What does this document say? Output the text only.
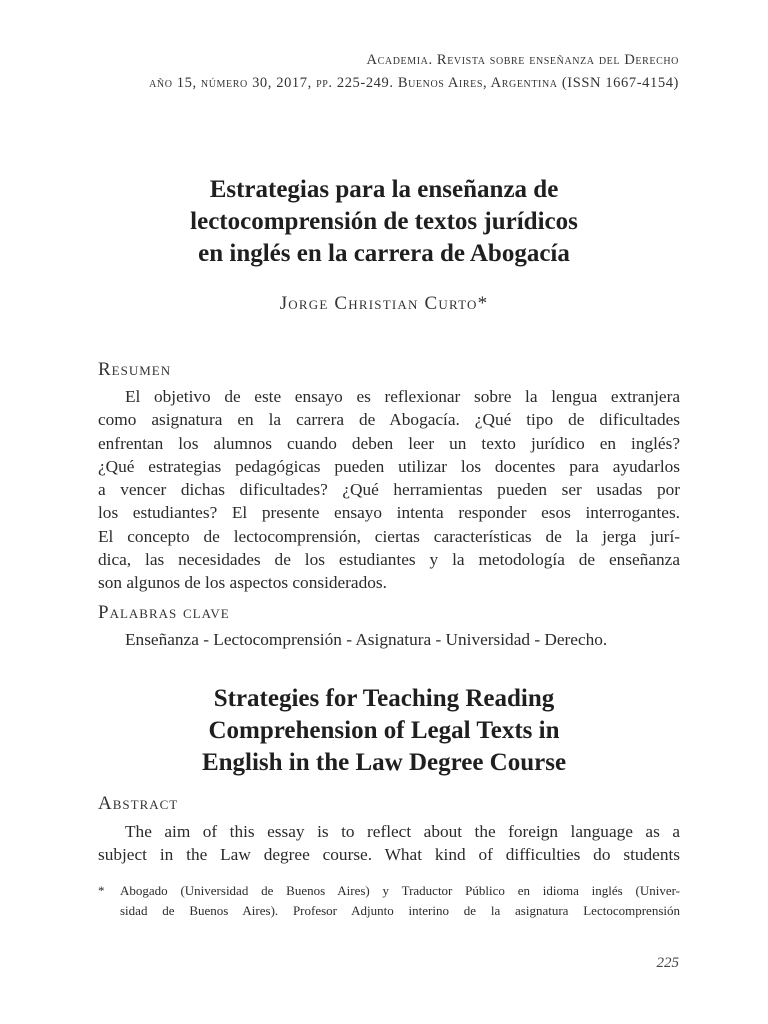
Academia. Revista sobre enseñanza del Derecho
año 15, número 30, 2017, pp. 225-249. Buenos Aires, Argentina (ISSN 1667-4154)
Estrategias para la enseñanza de
lectocomprensión de textos jurídicos
en inglés en la carrera de Abogacía
Jorge Christian Curto*
Resumen
El objetivo de este ensayo es reflexionar sobre la lengua extranjera
como asignatura en la carrera de Abogacía. ¿Qué tipo de dificultades
enfrentan los alumnos cuando deben leer un texto jurídico en inglés?
¿Qué estrategias pedagógicas pueden utilizar los docentes para ayudarlos
a vencer dichas dificultades? ¿Qué herramientas pueden ser usadas por
los estudiantes? El presente ensayo intenta responder esos interrogantes.
El concepto de lectocomprensión, ciertas características de la jerga jurí-
dica, las necesidades de los estudiantes y la metodología de enseñanza
son algunos de los aspectos considerados.
Palabras clave
Enseñanza - Lectocomprensión - Asignatura - Universidad - Derecho.
Strategies for Teaching Reading
Comprehension of Legal Texts in
English in the Law Degree Course
Abstract
The aim of this essay is to reflect about the foreign language as a
subject in the Law degree course. What kind of difficulties do students
* Abogado (Universidad de Buenos Aires) y Traductor Público en idioma inglés (Univer-
sidad de Buenos Aires). Profesor Adjunto interino de la asignatura Lectocomprensión
225
